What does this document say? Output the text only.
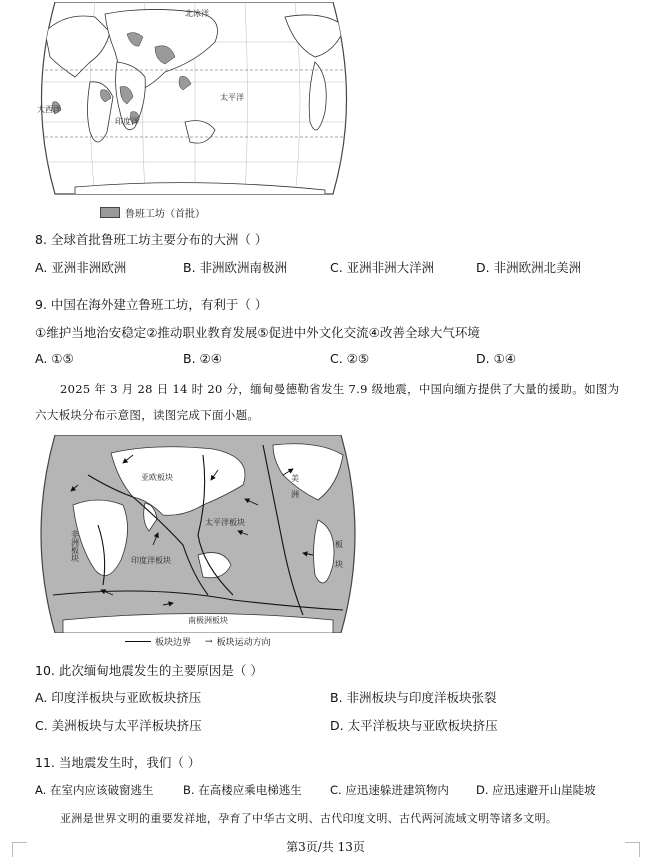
北冰洋
太平洋
印度洋
大西洋
鲁班工坊（首批）
8. 全球首批鲁班工坊主要分布的大洲（ ）
A. 亚洲非洲欧洲	B. 非洲欧洲南极洲	C. 亚洲非洲大洋洲	D. 非洲欧洲北美洲
9. 中国在海外建立鲁班工坊，有利于（ ）
①维护当地治安稳定②推动职业教育发展⑤促进中外文化交流④改善全球大气环境
A. ①⑤	B. ②④	C. ②⑤	D. ①④
2025 年 3 月 28 日 14 时 20 分，缅甸曼德勒省发生 7.9 级地震，中国向缅方提供了大量的援助。如图为
六大板块分布示意图，读图完成下面小题。
亚欧板块
非洲板块
太平洋板块
印度洋板块
南极洲板块
美
洲
板
块
板块边界 → 板块运动方向
10. 此次缅甸地震发生的主要原因是（ ）
A. 印度洋板块与亚欧板块挤压	B. 非洲板块与印度洋板块张裂
C. 美洲板块与太平洋板块挤压	D. 太平洋板块与亚欧板块挤压
11. 当地震发生时，我们（ ）
A. 在室内应该破窗逃生	B. 在高楼应乘电梯逃生 C. 应迅速躲进建筑物内 D. 应迅速避开山崖陡坡
亚洲是世界文明的重要发祥地，孕育了中华古文明、古代印度文明、古代两河流域文明等诸多文明。
第3页/共 13页
